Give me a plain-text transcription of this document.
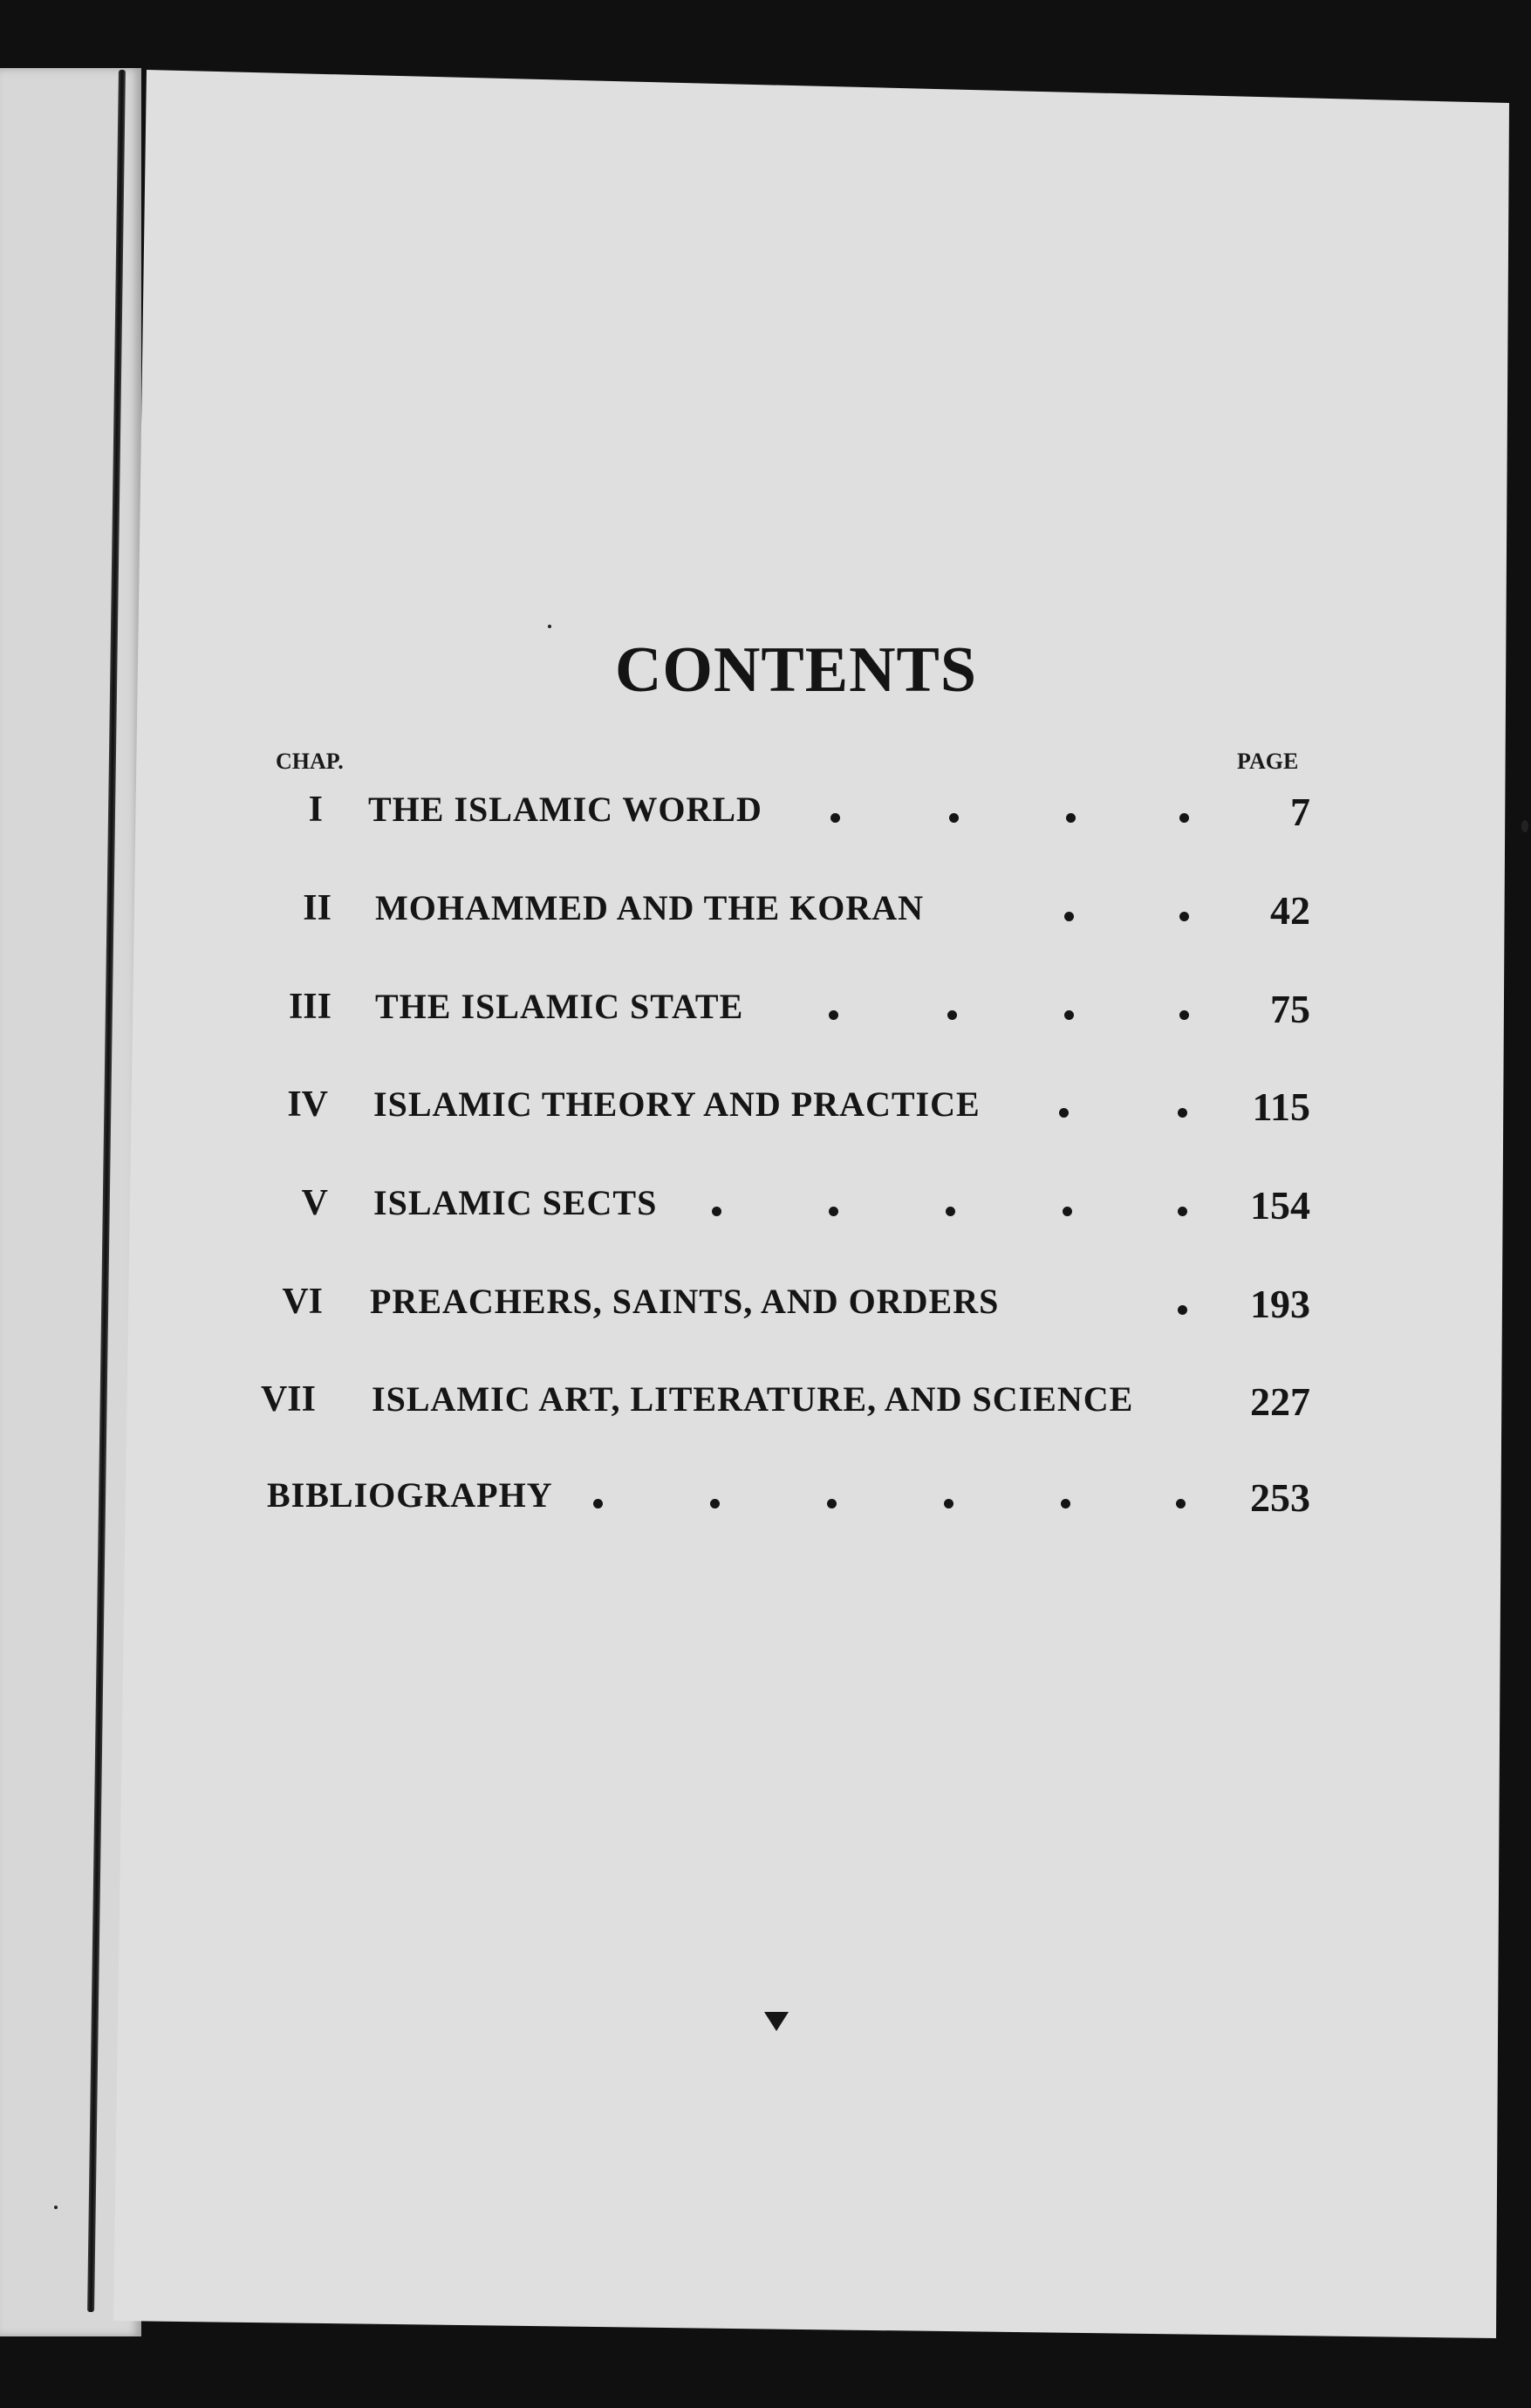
CONTENTS
CHAP.	PAGE
I THE ISLAMIC WORLD	7
II MOHAMMED AND THE KORAN	42
III THE ISLAMIC STATE	75
IV ISLAMIC THEORY AND PRACTICE	115
V ISLAMIC SECTS	154
VI PREACHERS, SAINTS, AND ORDERS	193
VII ISLAMIC ART, LITERATURE, AND SCIENCE	227
BIBLIOGRAPHY	253
